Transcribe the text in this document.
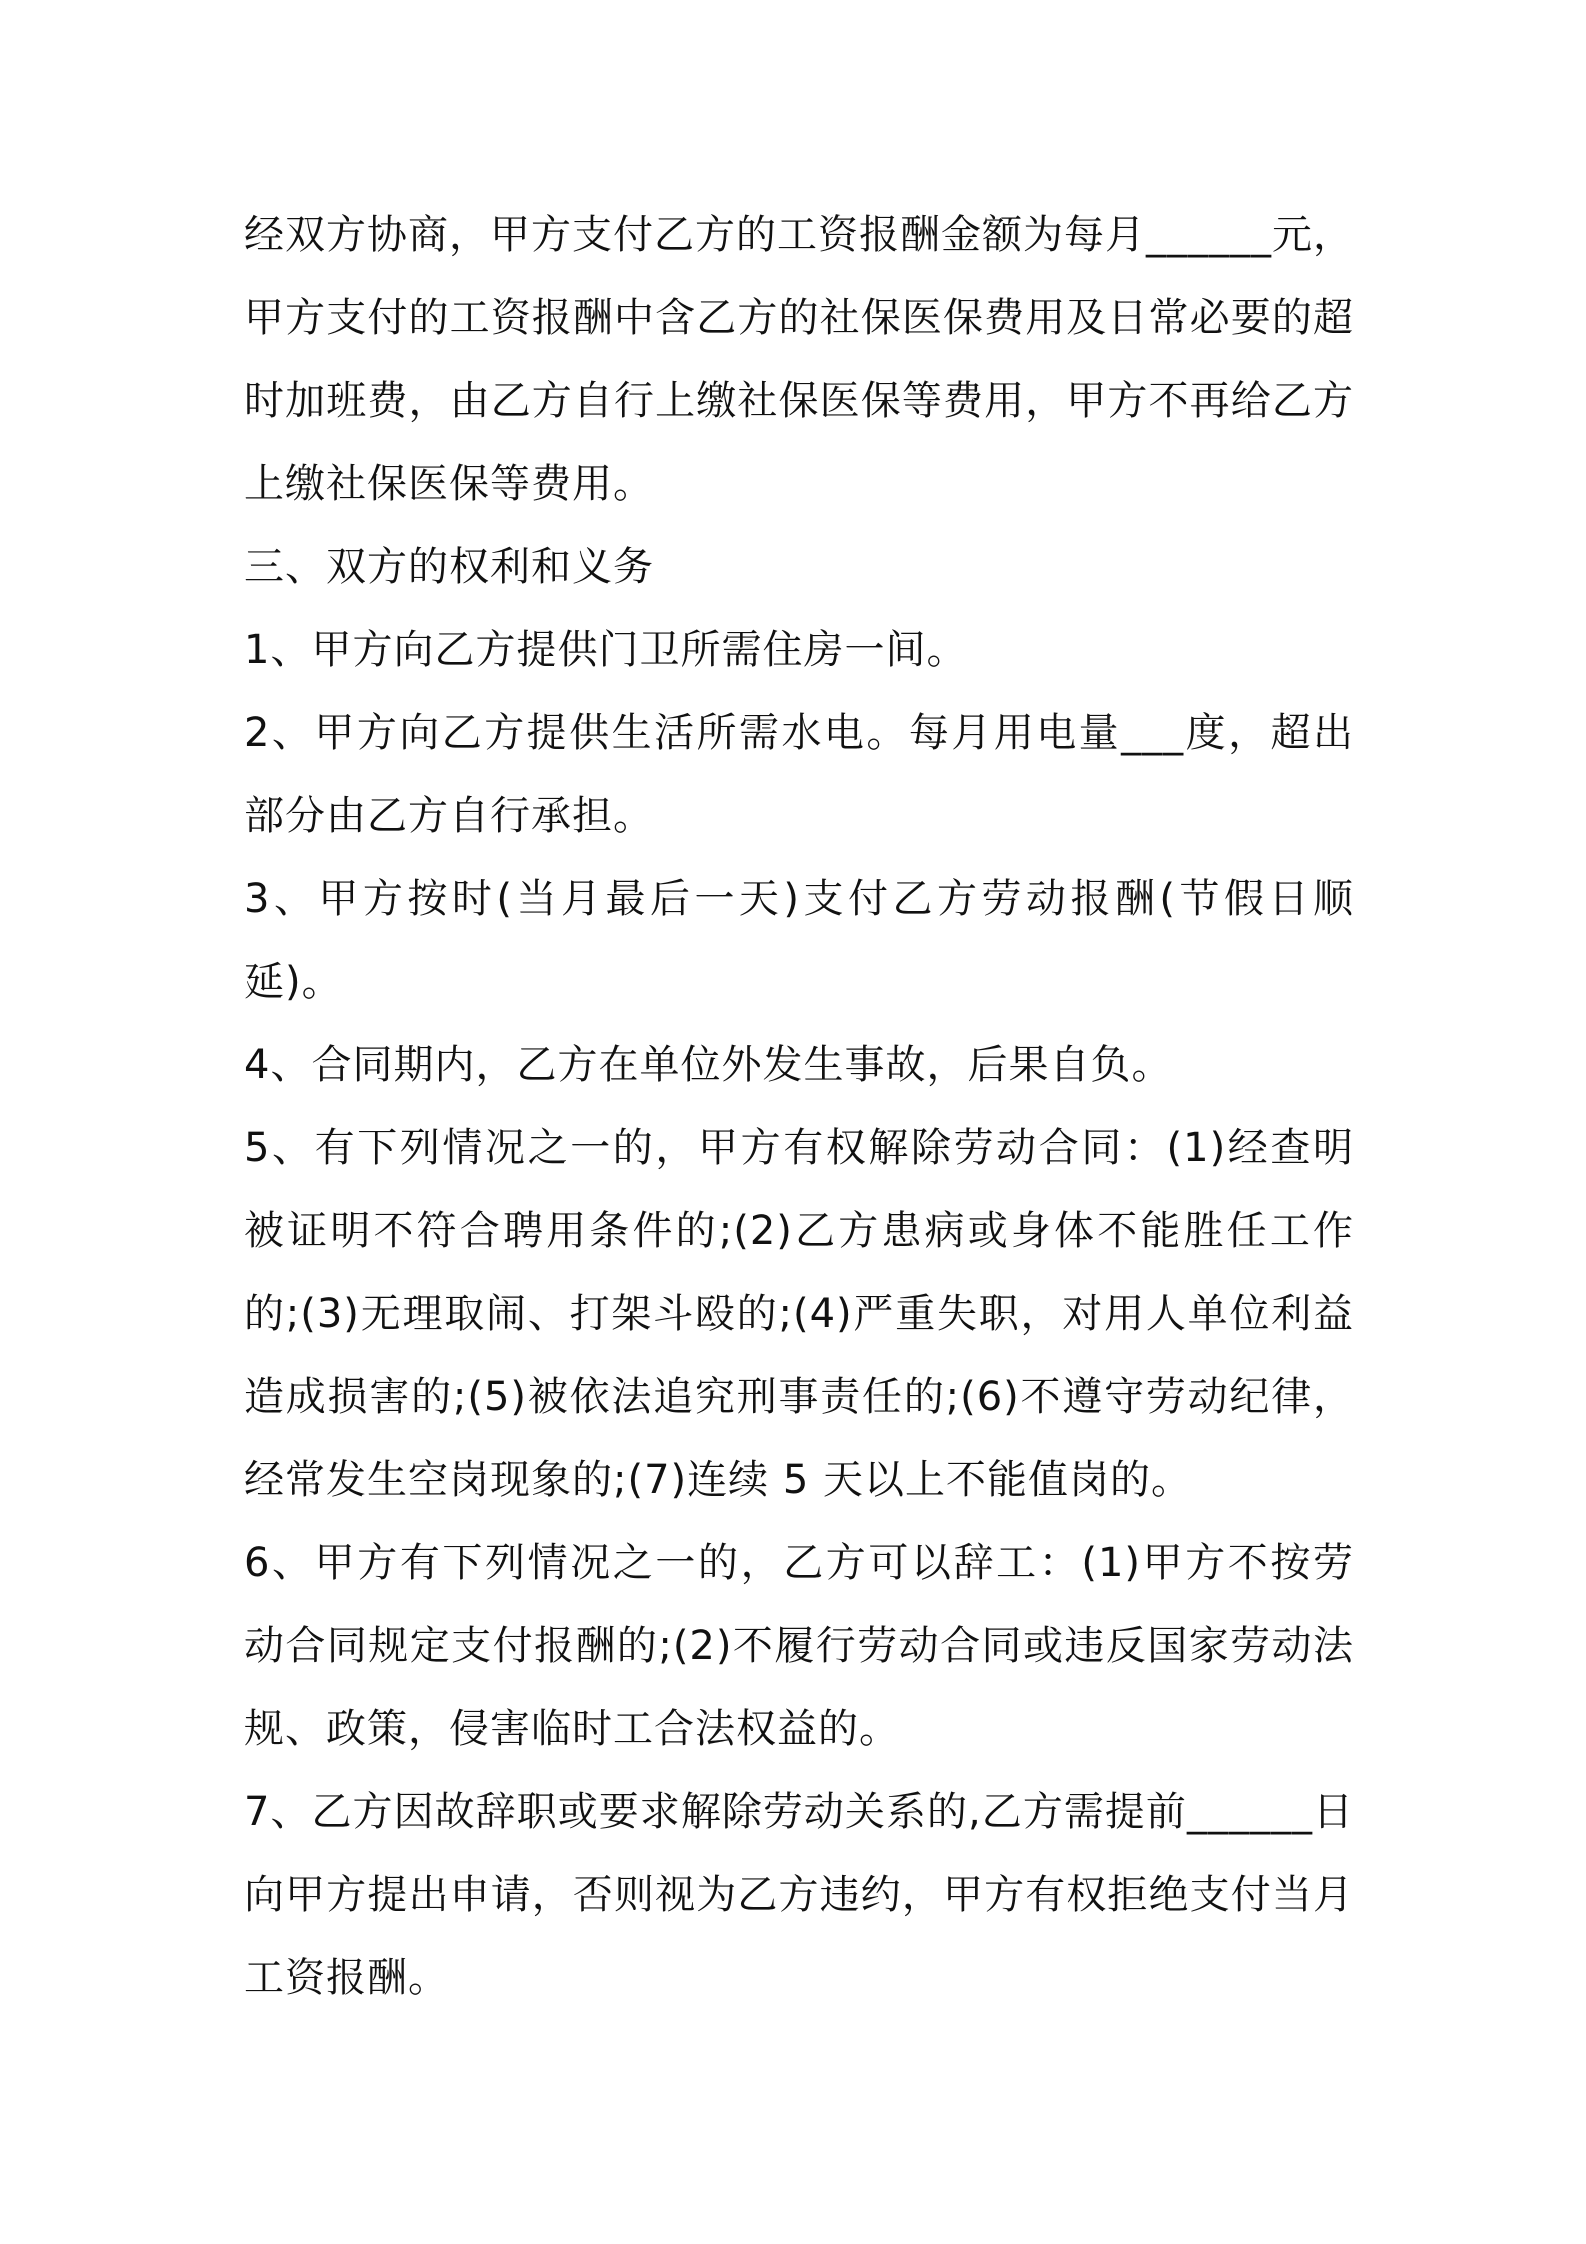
经双方协商，甲方支付乙方的工资报酬金额为每月______元，甲方支付的工资报酬中含乙方的社保医保费用及日常必要的超时加班费，由乙方自行上缴社保医保等费用，甲方不再给乙方上缴社保医保等费用。

三、双方的权利和义务

1、甲方向乙方提供门卫所需住房一间。

2、甲方向乙方提供生活所需水电。每月用电量___度，超出部分由乙方自行承担。

3、甲方按时(当月最后一天)支付乙方劳动报酬(节假日顺延)。

4、合同期内，乙方在单位外发生事故，后果自负。

5、有下列情况之一的，甲方有权解除劳动合同：(1)经查明被证明不符合聘用条件的;(2)乙方患病或身体不能胜任工作的;(3)无理取闹、打架斗殴的;(4)严重失职，对用人单位利益造成损害的;(5)被依法追究刑事责任的;(6)不遵守劳动纪律，经常发生空岗现象的;(7)连续 5 天以上不能值岗的。

6、甲方有下列情况之一的，乙方可以辞工：(1)甲方不按劳动合同规定支付报酬的;(2)不履行劳动合同或违反国家劳动法规、政策，侵害临时工合法权益的。

7、乙方因故辞职或要求解除劳动关系的,乙方需提前______日向甲方提出申请，否则视为乙方违约，甲方有权拒绝支付当月工资报酬。
